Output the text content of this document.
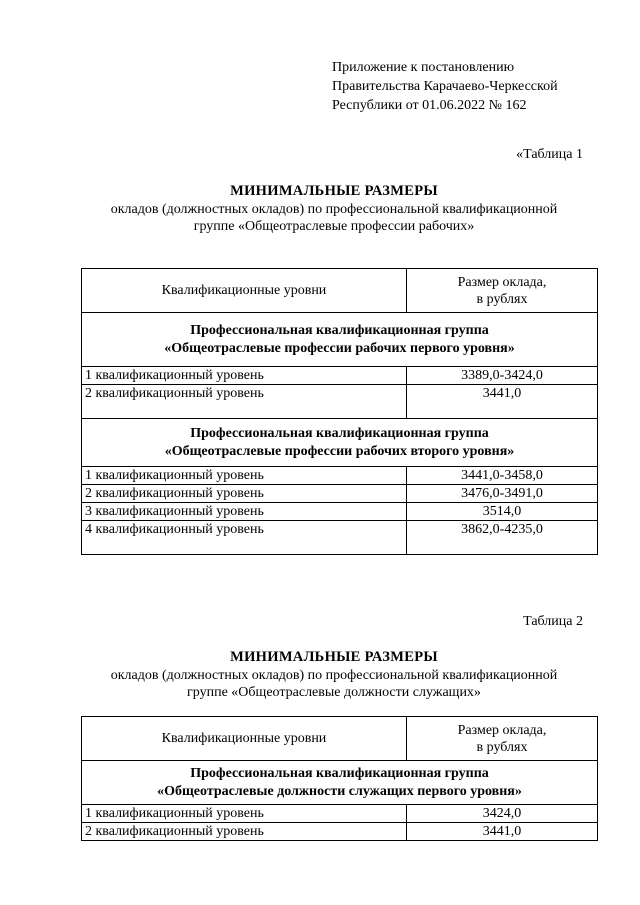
Приложение к постановлению
Правительства Карачаево-Черкесской
Республики от 01.06.2022 № 162
«Таблица 1
МИНИМАЛЬНЫЕ РАЗМЕРЫ
окладов (должностных окладов) по профессиональной квалификационной
группе «Общеотраслевые профессии рабочих»
Квалификационные уровни	Размер оклада,
в рублях

Профессиональная квалификационная группа
«Общеотраслевые профессии рабочих первого уровня»	

1 квалификационный уровень	3389,0-3424,0
2 квалификационный уровень	3441,0

Профессиональная квалификационная группа
«Общеотраслевые профессии рабочих второго уровня»	

1 квалификационный уровень	3441,0-3458,0
2 квалификационный уровень	3476,0-3491,0
3 квалификационный уровень	3514,0
4 квалификационный уровень	3862,0-4235,0
Таблица 2
МИНИМАЛЬНЫЕ РАЗМЕРЫ
окладов (должностных окладов) по профессиональной квалификационной
группе «Общеотраслевые должности служащих»
Квалификационные уровни	Размер оклада,
в рублях

Профессиональная квалификационная группа
«Общеотраслевые должности служащих первого уровня»	

1 квалификационный уровень	3424,0
2 квалификационный уровень	3441,0
